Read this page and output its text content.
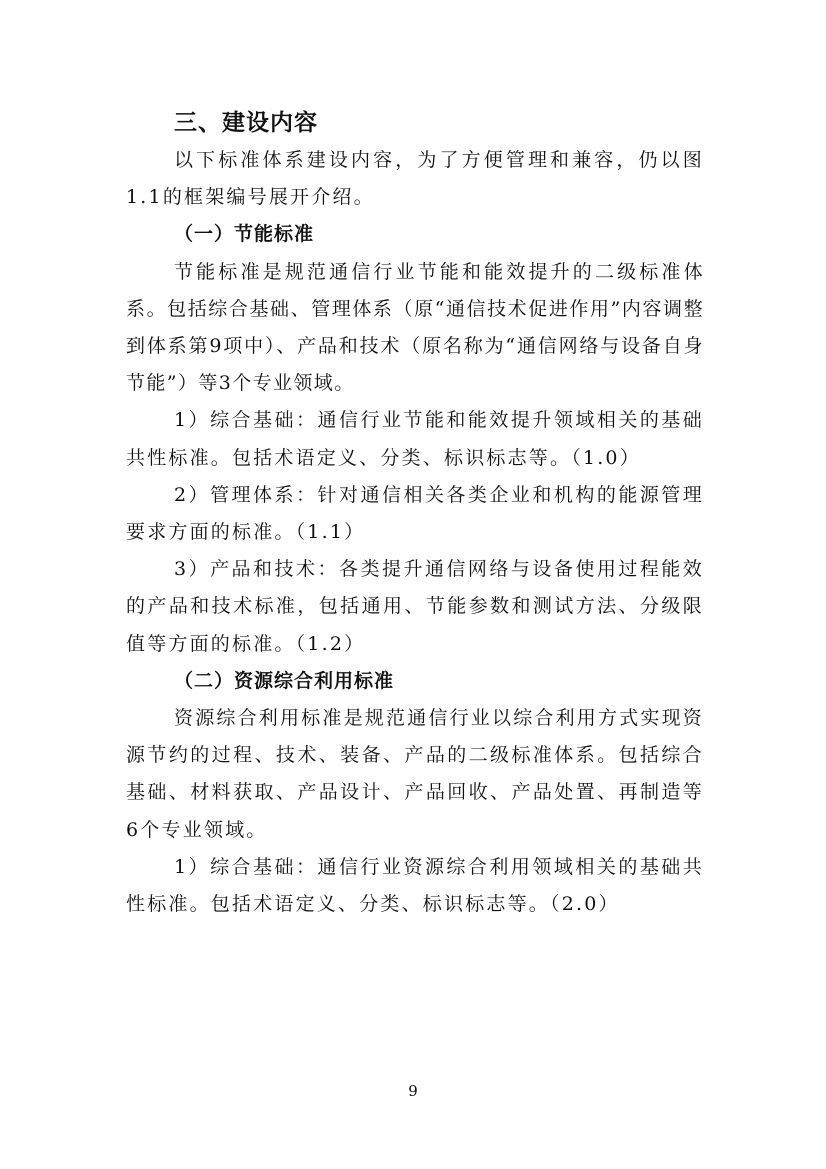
三、建设内容

以下标准体系建设内容，为了方便管理和兼容，仍以图1.1的框架编号展开介绍。

（一）节能标准

节能标准是规范通信行业节能和能效提升的二级标准体系。包括综合基础、管理体系（原“通信技术促进作用”内容调整到体系第9项中）、产品和技术（原名称为“通信网络与设备自身节能”）等3个专业领域。

1）综合基础：通信行业节能和能效提升领域相关的基础共性标准。包括术语定义、分类、标识标志等。（1.0）

2）管理体系：针对通信相关各类企业和机构的能源管理要求方面的标准。（1.1）

3）产品和技术：各类提升通信网络与设备使用过程能效的产品和技术标准，包括通用、节能参数和测试方法、分级限值等方面的标准。（1.2）

（二）资源综合利用标准

资源综合利用标准是规范通信行业以综合利用方式实现资源节约的过程、技术、装备、产品的二级标准体系。包括综合基础、材料获取、产品设计、产品回收、产品处置、再制造等6个专业领域。

1）综合基础：通信行业资源综合利用领域相关的基础共性标准。包括术语定义、分类、标识标志等。（2.0）

9
